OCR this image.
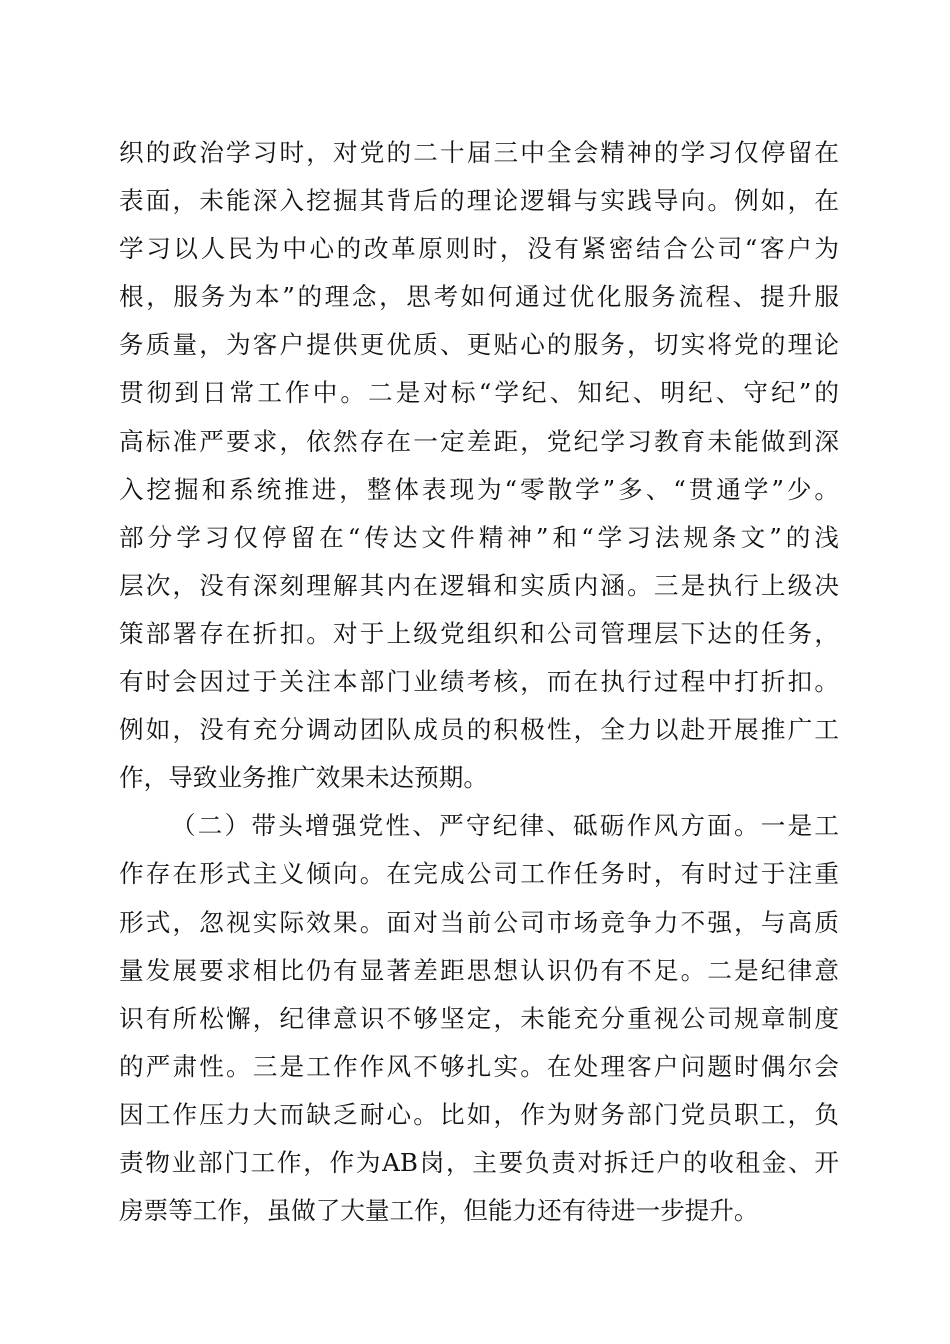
织的政治学习时，对党的二十届三中全会精神的学习仅停留在
表面，未能深入挖掘其背后的理论逻辑与实践导向。例如，在
学习以人民为中心的改革原则时，没有紧密结合公司“客户为
根，服务为本”的理念，思考如何通过优化服务流程、提升服
务质量，为客户提供更优质、更贴心的服务，切实将党的理论
贯彻到日常工作中。二是对标“学纪、知纪、明纪、守纪”的
高标准严要求，依然存在一定差距，党纪学习教育未能做到深
入挖掘和系统推进，整体表现为“零散学”多、“贯通学”少。
部分学习仅停留在“传达文件精神”和“学习法规条文”的浅
层次，没有深刻理解其内在逻辑和实质内涵。三是执行上级决
策部署存在折扣。对于上级党组织和公司管理层下达的任务，
有时会因过于关注本部门业绩考核，而在执行过程中打折扣。
例如，没有充分调动团队成员的积极性，全力以赴开展推广工
作，导致业务推广效果未达预期。
（二）带头增强党性、严守纪律、砥砺作风方面。一是工
作存在形式主义倾向。在完成公司工作任务时，有时过于注重
形式，忽视实际效果。面对当前公司市场竞争力不强，与高质
量发展要求相比仍有显著差距思想认识仍有不足。二是纪律意
识有所松懈，纪律意识不够坚定，未能充分重视公司规章制度
的严肃性。三是工作作风不够扎实。在处理客户问题时偶尔会
因工作压力大而缺乏耐心。比如，作为财务部门党员职工，负
责物业部门工作，作为AB岗，主要负责对拆迁户的收租金、开
房票等工作，虽做了大量工作，但能力还有待进一步提升。
